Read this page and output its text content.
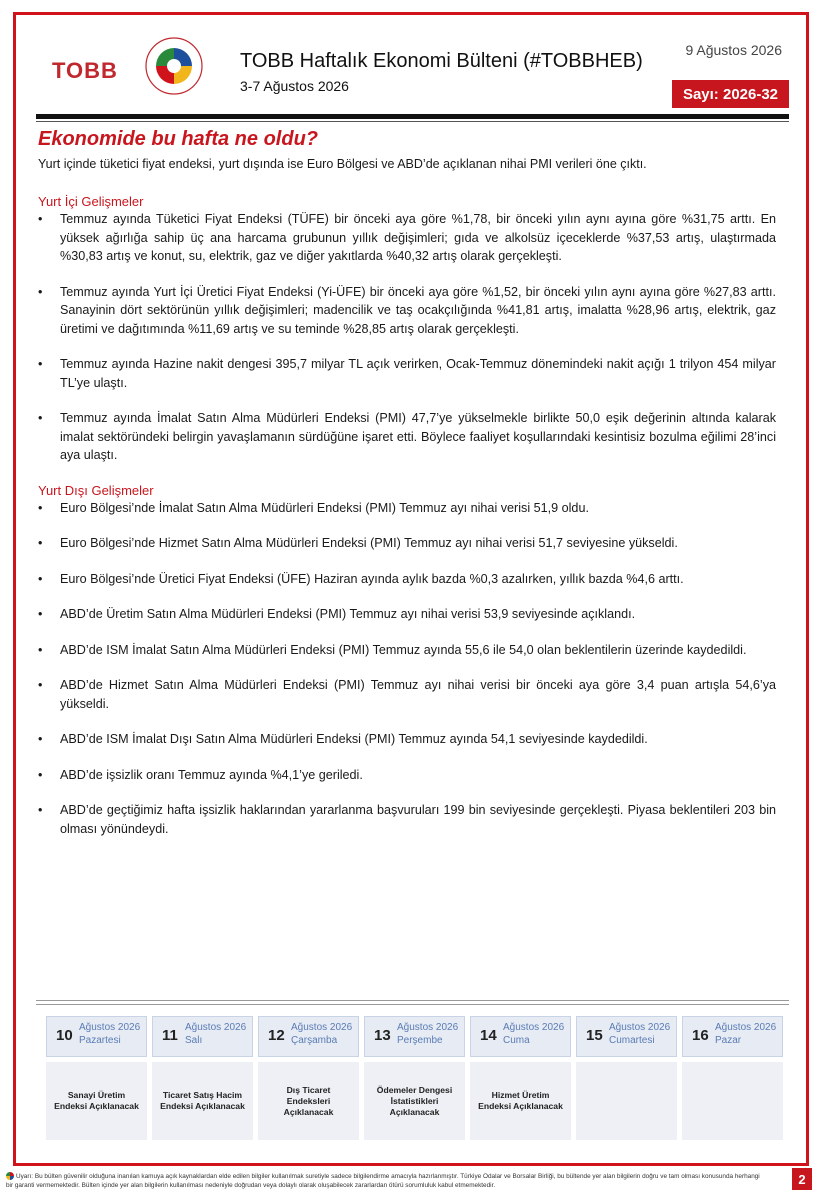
TOBB	TOBB Haftalık Ekonomi Bülteni (#TOBBHEB)
3-7 Ağustos 2026
9 Ağustos 2026
Sayı: 2026-32
Ekonomide bu hafta ne oldu?

Yurt içinde tüketici fiyat endeksi, yurt dışında ise Euro Bölgesi ve ABD’de açıklanan nihai PMI verileri öne çıktı.

Yurt İçi Gelişmeler
• Temmuz ayında Tüketici Fiyat Endeksi (TÜFE) bir önceki aya göre %1,78, bir önceki yılın aynı ayına göre %31,75 arttı. En yüksek ağırlığa sahip üç ana harcama grubunun yıllık değişimleri; gıda ve alkolsüz içeceklerde %37,53 artış, ulaştırmada %30,83 artış ve konut, su, elektrik, gaz ve diğer yakıtlarda %40,32 artış olarak gerçekleşti.
• Temmuz ayında Yurt İçi Üretici Fiyat Endeksi (Yi-ÜFE) bir önceki aya göre %1,52, bir önceki yılın aynı ayına göre %27,83 arttı. Sanayinin dört sektörünün yıllık değişimleri; madencilik ve taş ocakçılığında %41,81 artış, imalatta %28,96 artış, elektrik, gaz üretimi ve dağıtımında %11,69 artış ve su teminde %28,85 artış olarak gerçekleşti.
• Temmuz ayında Hazine nakit dengesi 395,7 milyar TL açık verirken, Ocak-Temmuz dönemindeki nakit açığı 1 trilyon 454 milyar TL’ye ulaştı.
• Temmuz ayında İmalat Satın Alma Müdürleri Endeksi (PMI) 47,7’ye yükselmekle birlikte 50,0 eşik değerinin altında kalarak imalat sektöründeki belirgin yavaşlamanın sürdüğüne işaret etti. Böylece faaliyet koşullarındaki kesintisiz bozulma eğilimi 28’inci aya ulaştı.
Yurt Dışı Gelişmeler
• Euro Bölgesi’nde İmalat Satın Alma Müdürleri Endeksi (PMI) Temmuz ayı nihai verisi 51,9 oldu.
• Euro Bölgesi’nde Hizmet Satın Alma Müdürleri Endeksi (PMI) Temmuz ayı nihai verisi 51,7 seviyesine yükseldi.
• Euro Bölgesi’nde Üretici Fiyat Endeksi (ÜFE) Haziran ayında aylık bazda %0,3 azalırken, yıllık bazda %4,6 arttı.
• ABD’de Üretim Satın Alma Müdürleri Endeksi (PMI) Temmuz ayı nihai verisi 53,9 seviyesinde açıklandı.
• ABD’de ISM İmalat Satın Alma Müdürleri Endeksi (PMI) Temmuz ayında 55,6 ile 54,0 olan beklentilerin üzerinde kaydedildi.
• ABD’de Hizmet Satın Alma Müdürleri Endeksi (PMI) Temmuz ayı nihai verisi bir önceki aya göre 3,4 puan artışla 54,6’ya yükseldi.
• ABD’de ISM İmalat Dışı Satın Alma Müdürleri Endeksi (PMI) Temmuz ayında 54,1 seviyesinde kaydedildi.
• ABD’de işsizlik oranı Temmuz ayında %4,1’ye geriledi.
• ABD’de geçtiğimiz hafta işsizlik haklarından yararlanma başvuruları 199 bin seviyesinde gerçekleşti. Piyasa beklentileri 203 bin olması yönündeydi.
10 Ağustos 2026
Pazartesi
Sanayi Üretim Endeksi Açıklanacak
11 Ağustos 2026
Salı
Ticaret Satış Hacim Endeksi Açıklanacak
12 Ağustos 2026
Çarşamba
Dış Ticaret Endeksleri Açıklanacak
13 Ağustos 2026
Perşembe
Ödemeler Dengesi İstatistikleri Açıklanacak
14 Ağustos 2026
Cuma
Hizmet Üretim Endeksi Açıklanacak
15 Ağustos 2026
Cumartesi 16 Ağustos 2026
Pazar
Uyarı: Bu bülten güvenilir olduğuna inanılan kamuya açık kaynaklardan elde edilen bilgiler kullanılmak suretiyle sadece bilgilendirme amacıyla hazırlanmıştır. Türkiye Odalar ve Borsalar Birliği, bu bültende yer alan bilgilerin doğru ve tam olması konusunda herhangi bir garanti vermemektedir. Bülten içinde yer alan bilgilerin kullanılması nedeniyle doğrudan veya dolaylı olarak oluşabilecek zararlardan ötürü sorumluluk kabul etmemektedir.	2
